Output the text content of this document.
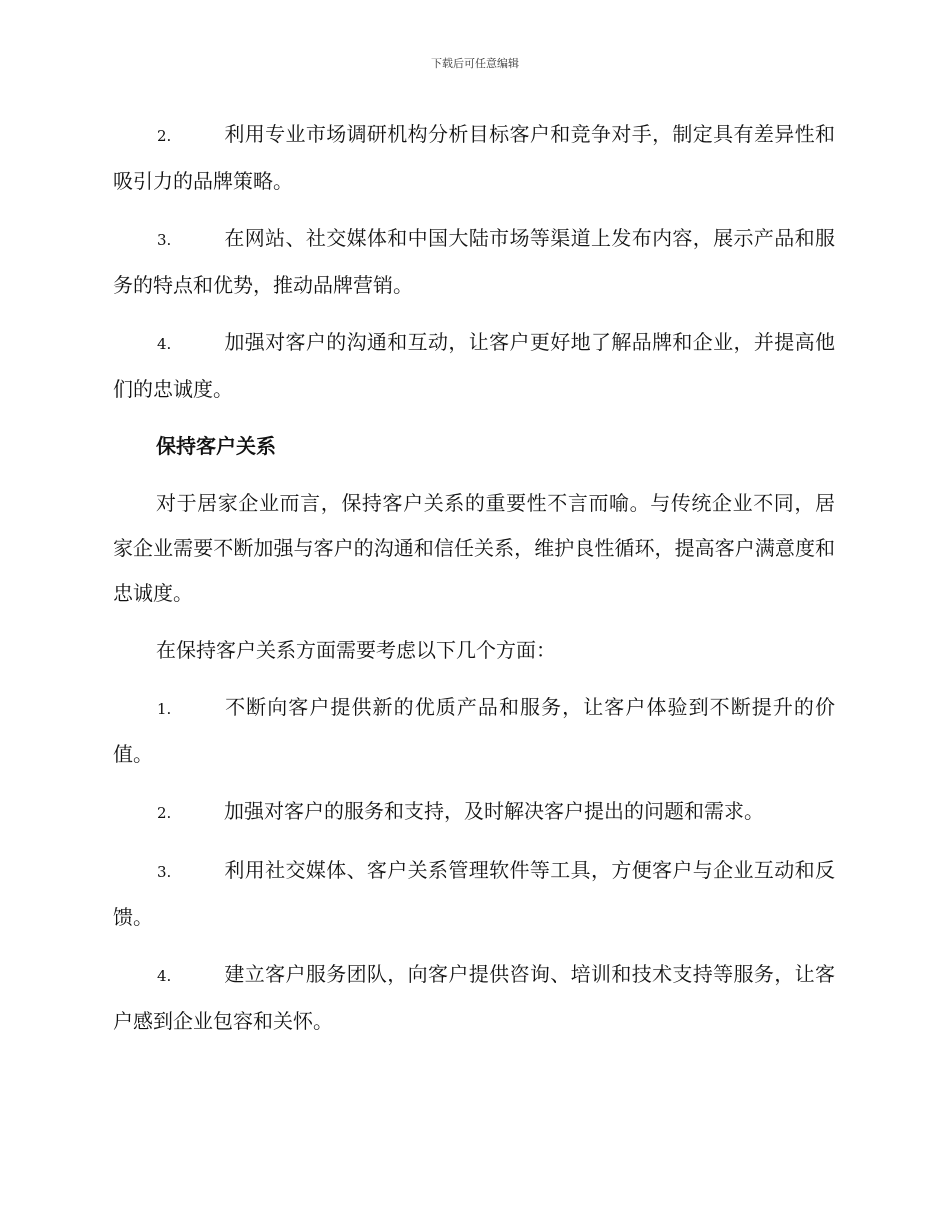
下载后可任意编辑
2.	利用专业市场调研机构分析目标客户和竞争对手，制定具有差异性和吸引力的品牌策略。
3.	在网站、社交媒体和中国大陆市场等渠道上发布内容，展示产品和服务的特点和优势，推动品牌营销。
4.	加强对客户的沟通和互动，让客户更好地了解品牌和企业，并提高他们的忠诚度。
保持客户关系
对于居家企业而言，保持客户关系的重要性不言而喻。与传统企业不同，居家企业需要不断加强与客户的沟通和信任关系，维护良性循环，提高客户满意度和忠诚度。
在保持客户关系方面需要考虑以下几个方面：
1.	不断向客户提供新的优质产品和服务，让客户体验到不断提升的价值。
2.	加强对客户的服务和支持，及时解决客户提出的问题和需求。
3.	利用社交媒体、客户关系管理软件等工具，方便客户与企业互动和反馈。
4.	建立客户服务团队，向客户提供咨询、培训和技术支持等服务，让客户感到企业包容和关怀。
